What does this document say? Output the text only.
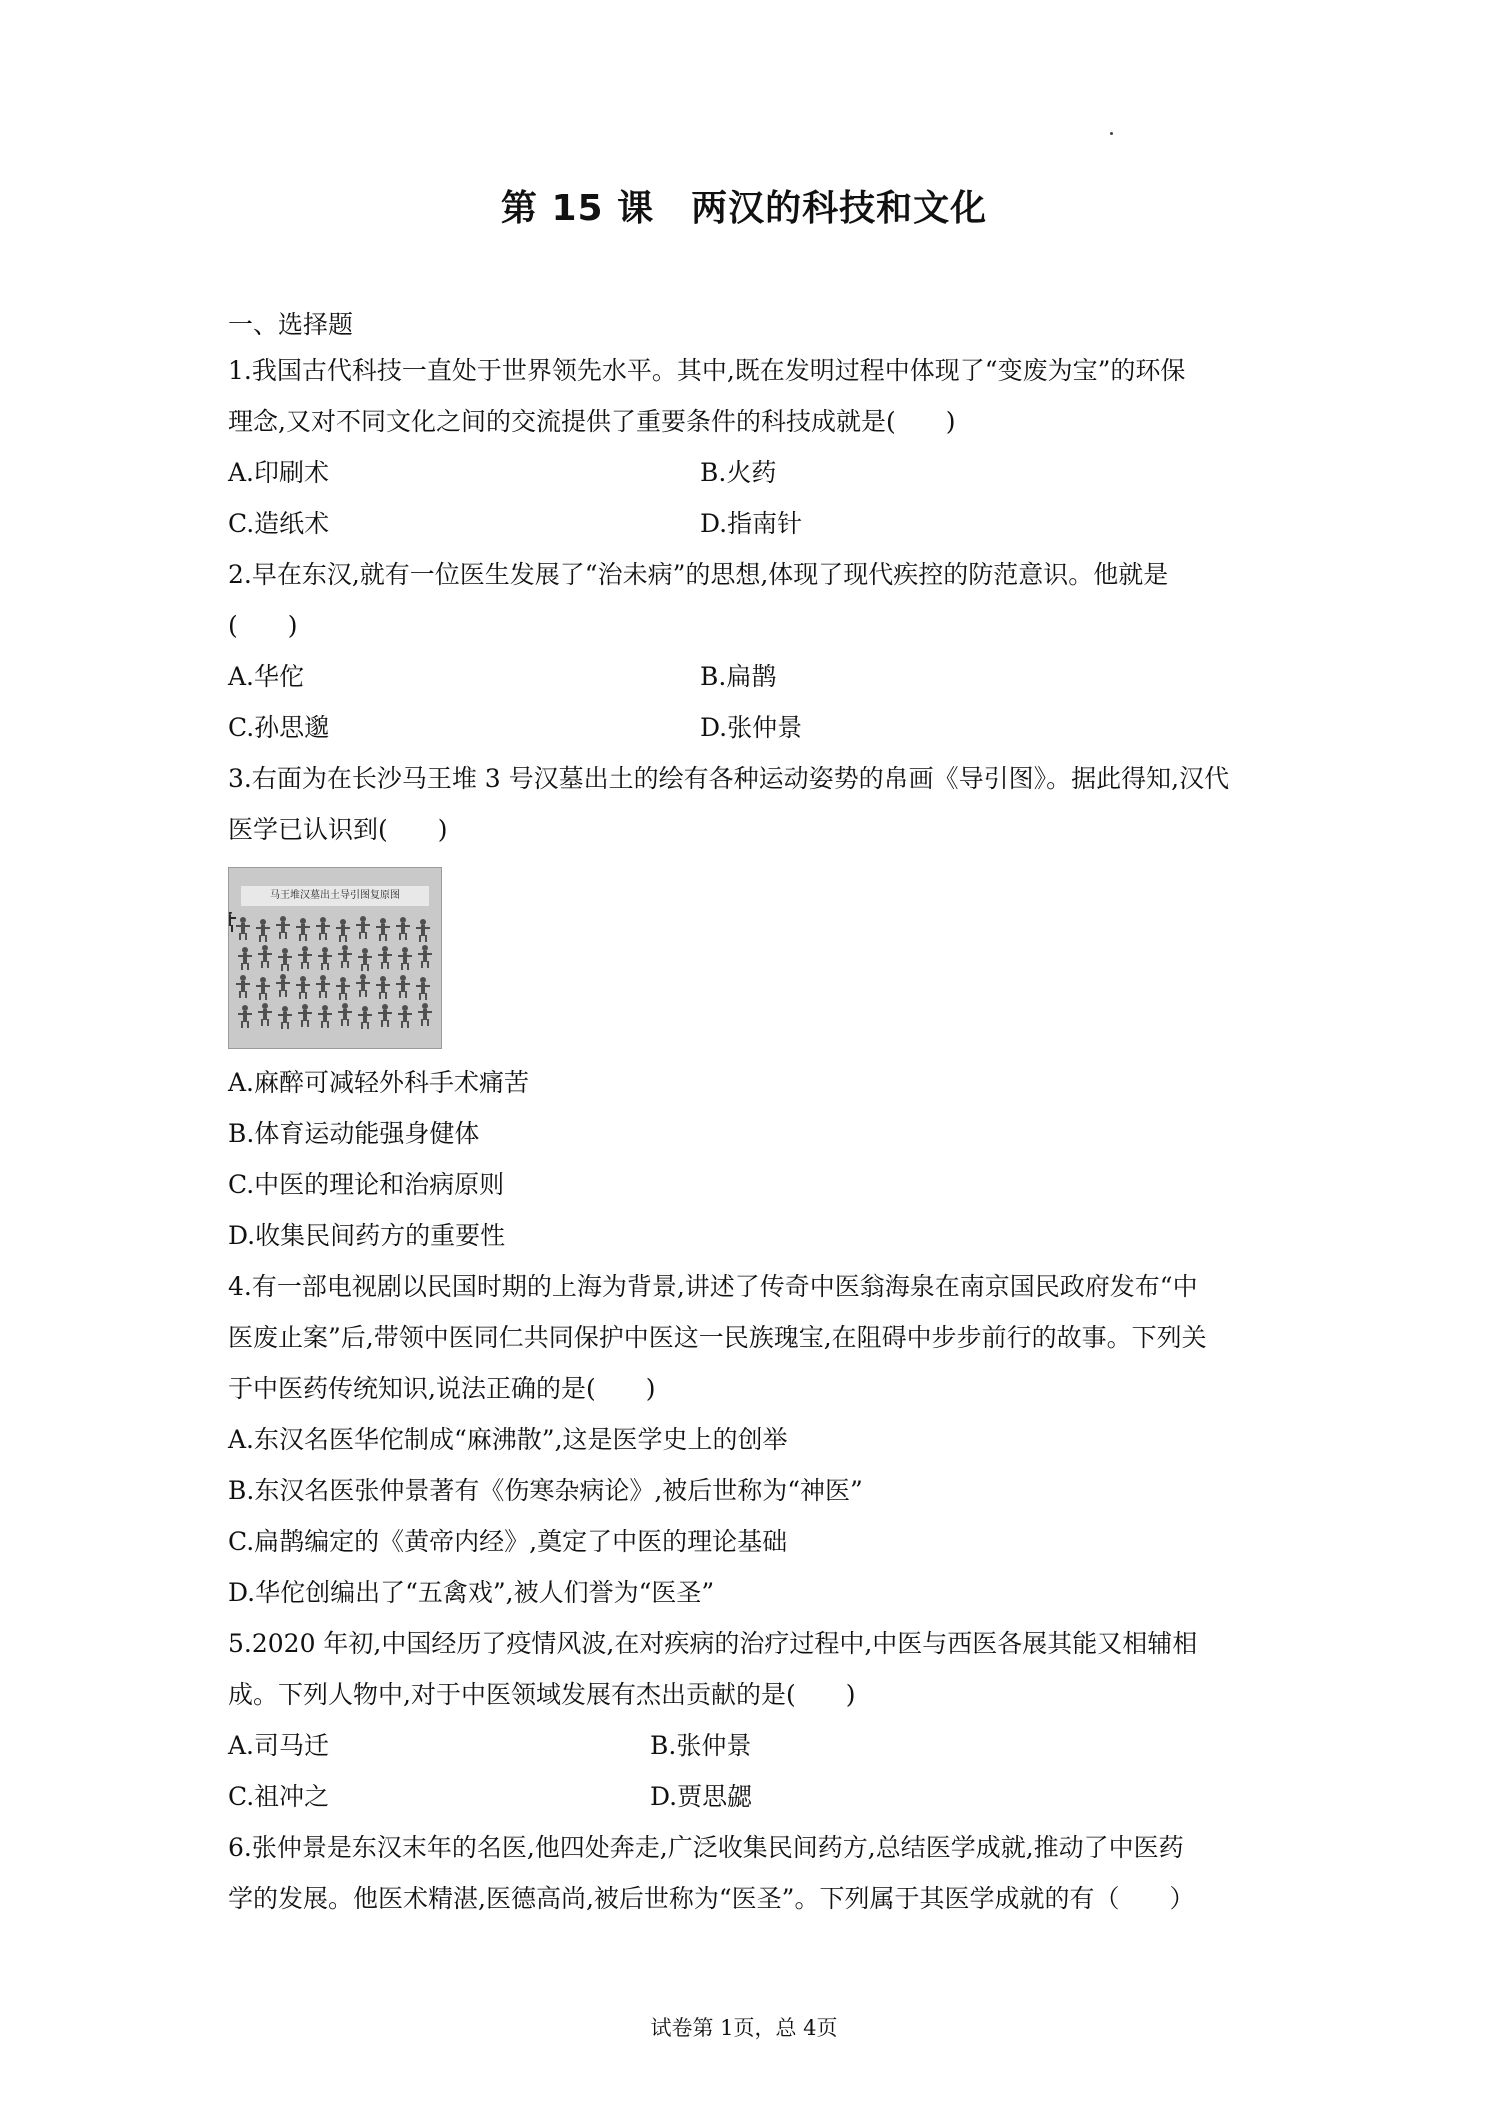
第 15 课　两汉的科技和文化
一、选择题
1.我国古代科技一直处于世界领先水平。其中,既在发明过程中体现了“变废为宝”的环保
理念,又对不同文化之间的交流提供了重要条件的科技成就是(　　)
A.印刷术	B.火药
C.造纸术	D.指南针
2.早在东汉,就有一位医生发展了“治未病”的思想,体现了现代疾控的防范意识。他就是
(　　)
A.华佗	B.扁鹊
C.孙思邈	D.张仲景
3.右面为在长沙马王堆 3 号汉墓出土的绘有各种运动姿势的帛画《导引图》。据此得知,汉代
医学已认识到(　　)
马王堆汉墓出土导引图复原图
A.麻醉可减轻外科手术痛苦
B.体育运动能强身健体
C.中医的理论和治病原则
D.收集民间药方的重要性
4.有一部电视剧以民国时期的上海为背景,讲述了传奇中医翁海泉在南京国民政府发布“中
医废止案”后,带领中医同仁共同保护中医这一民族瑰宝,在阻碍中步步前行的故事。下列关
于中医药传统知识,说法正确的是(　　)
A.东汉名医华佗制成“麻沸散”,这是医学史上的创举
B.东汉名医张仲景著有《伤寒杂病论》,被后世称为“神医”
C.扁鹊编定的《黄帝内经》,奠定了中医的理论基础
D.华佗创编出了“五禽戏”,被人们誉为“医圣”
5.2020 年初,中国经历了疫情风波,在对疾病的治疗过程中,中医与西医各展其能又相辅相
成。下列人物中,对于中医领域发展有杰出贡献的是(　　)
A.司马迁	B.张仲景
C.祖冲之	D.贾思勰
6.张仲景是东汉末年的名医,他四处奔走,广泛收集民间药方,总结医学成就,推动了中医药
学的发展。他医术精湛,医德高尚,被后世称为“医圣”。下列属于其医学成就的有（　　）
试卷第 1页，总 4页
